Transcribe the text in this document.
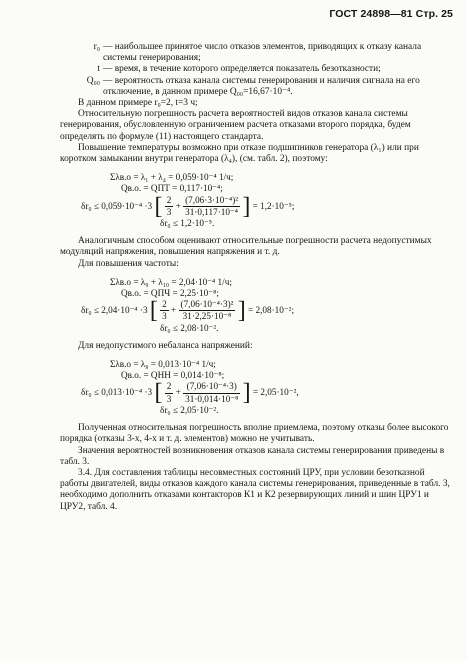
ГОСТ 24898—81 Стр. 25
r₀ — наибольшее принятое число отказов элементов, приводящих к отказу канала системы генерирования;

t — время, в течение которого определяется показатель безотказности;

Q₀₀ — вероятность отказа канала системы генерирования и наличия сигнала на его отключение, в данном примере Q₀₀=16,67·10⁻⁴.

В данном примере r₀=2, t=3 ч;

Относительную погрешность расчета вероятностей видов отказов канала системы генерирования, обусловленную ограничением расчета отказами второго порядка, будем определять по формуле (11) настоящего стандарта.

Повышение температуры возможно при отказе подшипников генератора (λ₁) или при коротком замыкании внутри генератора (λ₄), (см. табл. 2), поэтому:

Σλв.о = λ₁ + λ₄ = 0,059·10⁻⁴ 1/ч;

Qв.о. = QПТ = 0,117·10⁻⁴;

δr₀ ≤ 0,059·10⁻⁴ ·3 [ $\frac{2}{3} + \frac{\text{(7,06·3·10⁻⁴)²}}{\text{31·0,117·10⁻⁴}}$ ] = 1,2·10⁻⁵;

δr₀ ≤ 1,2·10⁻⁵.

Аналогичным способом оценивают относительные погрешности расчета недопустимых модуляций напряжения, повышения напряжения и т. д.

Для повышения частоты:

Σλв.о = λ₉ + λ₁₀ = 2,04·10⁻⁴ 1/ч;

Qв.о. = QПЧ = 2,25·10⁻⁸;

δr₀ ≤ 2,04·10⁻⁴ ·3 [ $\frac{2}{3} + \frac{\text{(7,06·10⁻⁴·3)²}}{\text{31·2,25·10⁻⁸}}$ ] = 2,08·10⁻²;

δr₀ ≤ 2,08·10⁻².

Для недопустимого небаланса напряжений:

Σλв.о = λ₈ = 0,013·10⁻⁴ 1/ч;

Qв.о. = QНН = 0,014·10⁻⁸;

δr₀ ≤ 0,013·10⁻⁴ ·3 [ $\frac{2}{3} + \frac{\text{(7,06·10⁻⁴·3)}}{\text{31·0,014·10⁻⁸}}$ ] = 2,05·10⁻²,

δr₀ ≤ 2,05·10⁻².

Полученная относительная погрешность вполне приемлема, поэтому отказы более высокого порядка (отказы 3-х, 4-х и т. д. элементов) можно не учитывать.

Значения вероятностей возникновения отказов канала системы генерирования приведены в табл. 3.

3.4. Для составления таблицы несовместных состояний ЦРУ, при условии безотказной работы двигателей, виды отказов каждого канала системы генерирования, приведенные в табл. 3, необходимо дополнить отказами контакторов К1 и К2 резервирующих линий и шин ЦРУ1 и ЦРУ2, табл. 4.
